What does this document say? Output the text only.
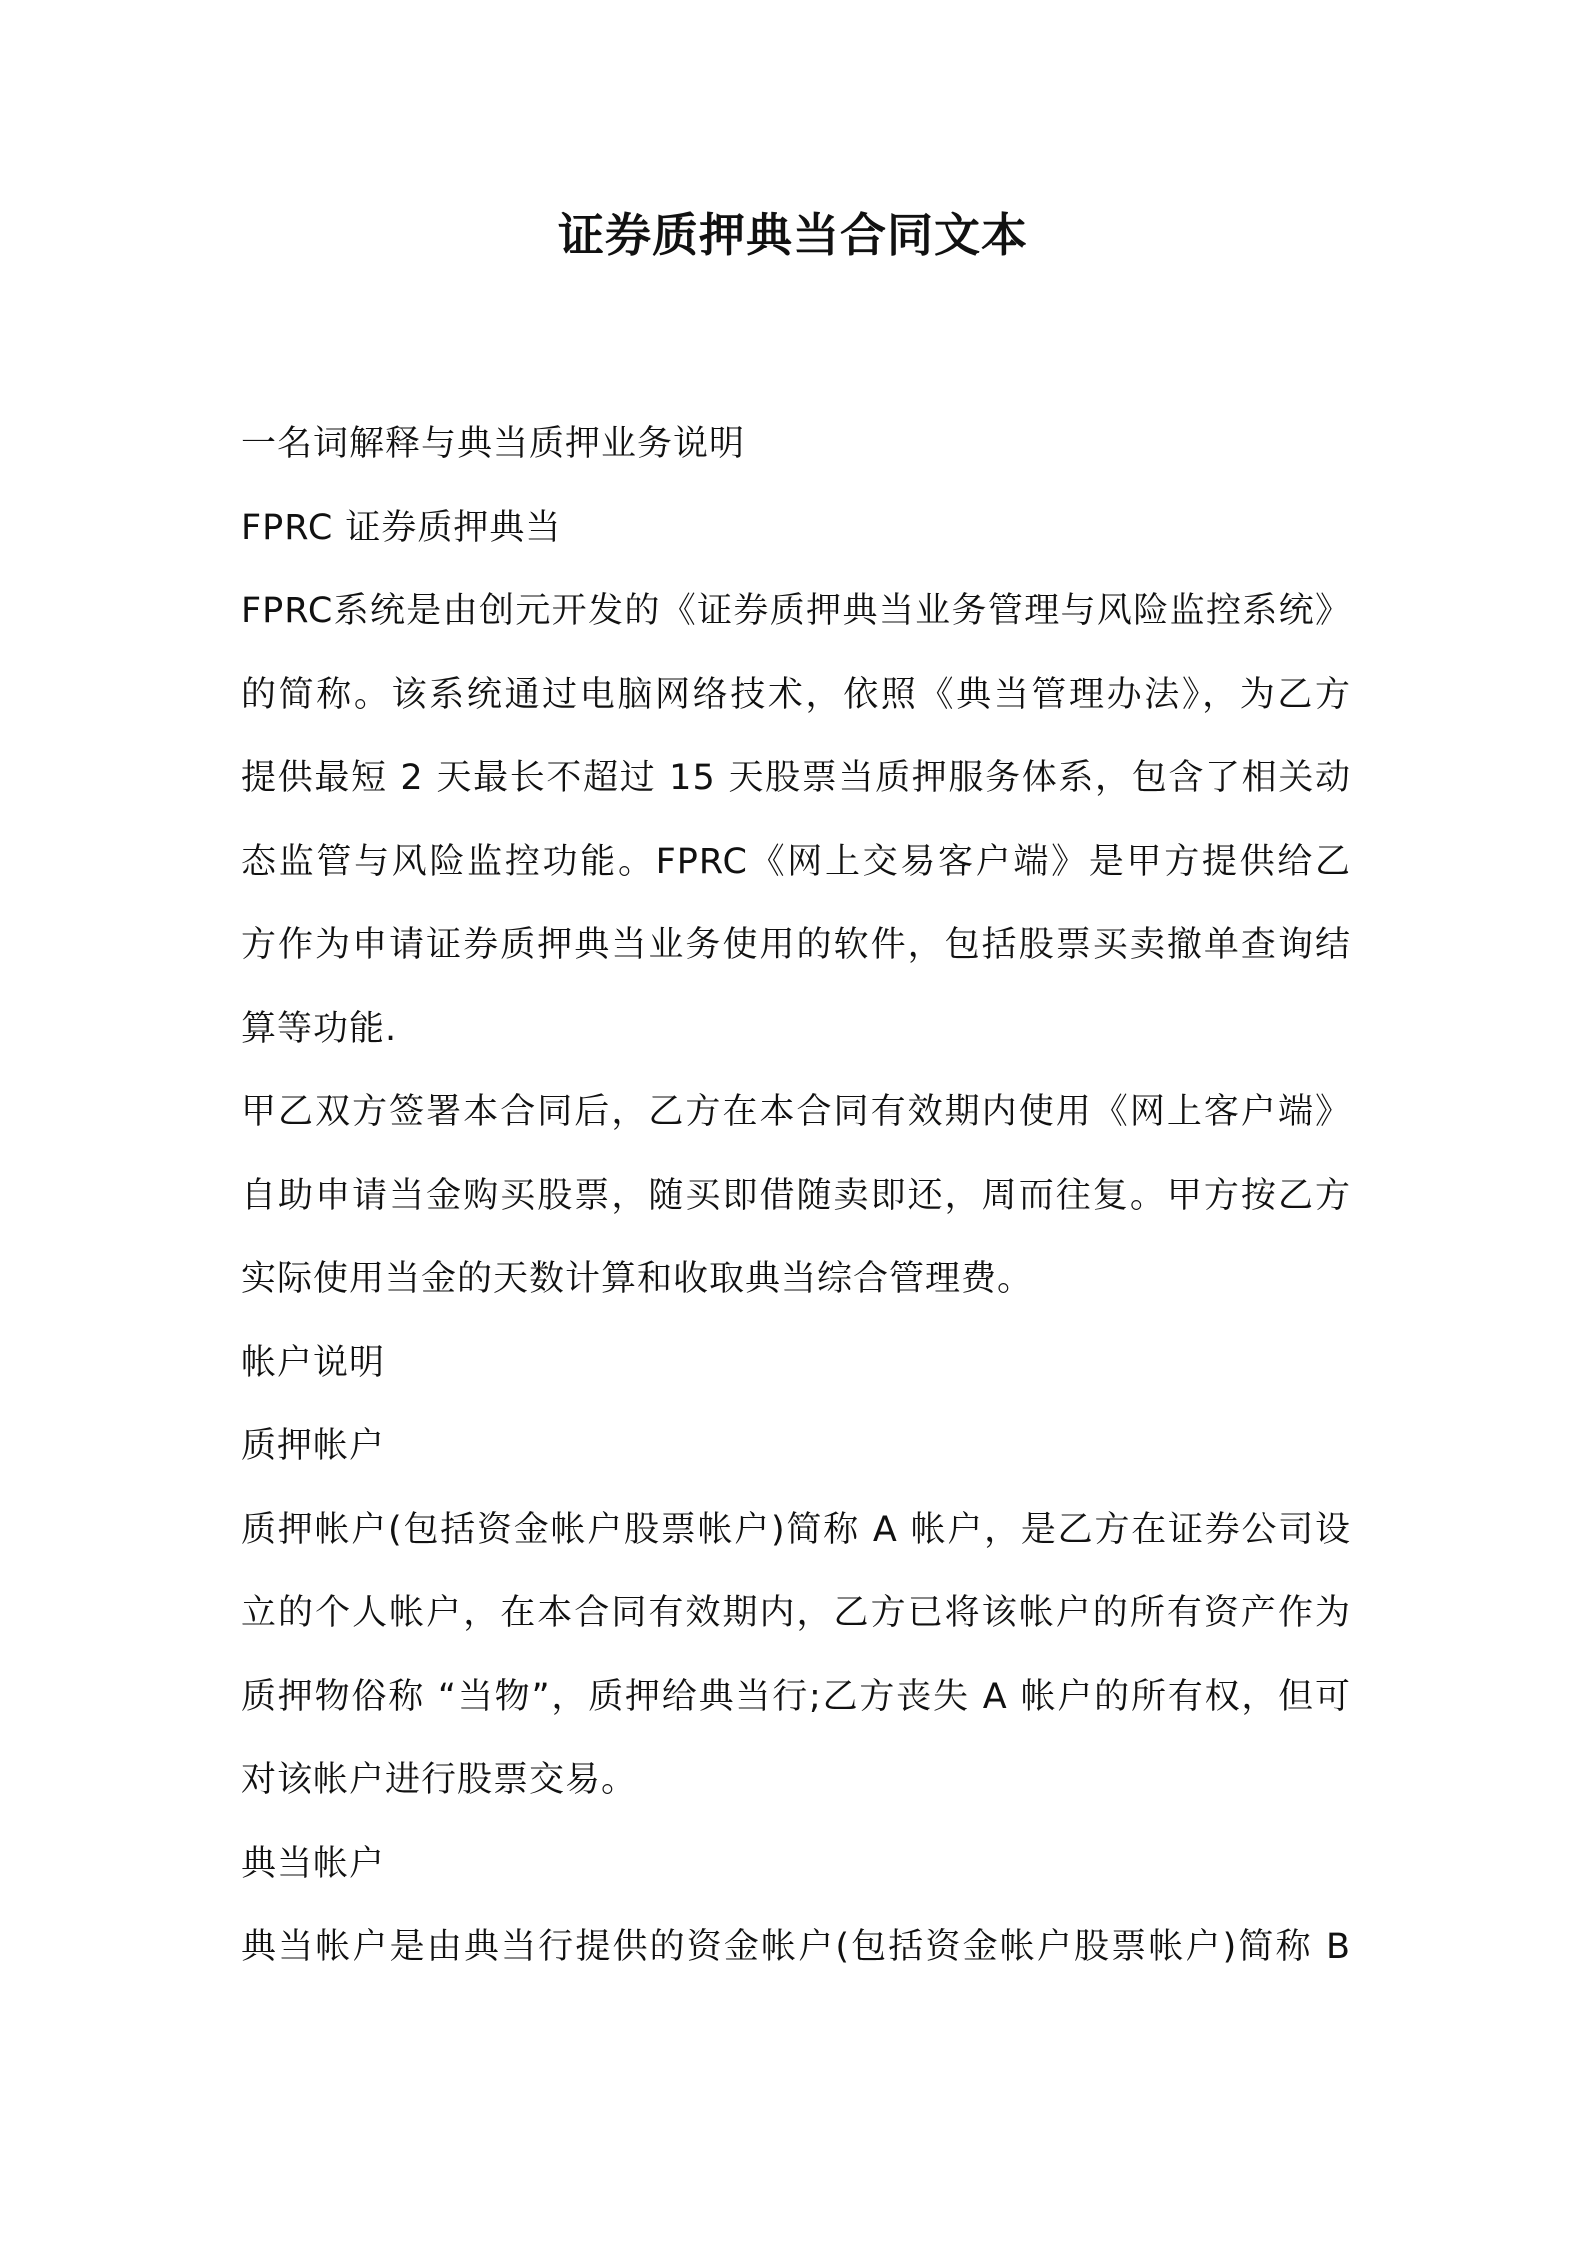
证券质押典当合同文本
一名词解释与典当质押业务说明
FPRC 证券质押典当
FPRC系统是由创元开发的《证券质押典当业务管理与风险监控系统》
的简称。该系统通过电脑网络技术，依照《典当管理办法》，为乙方
提供最短 2 天最长不超过 15 天股票当质押服务体系，包含了相关动
态监管与风险监控功能。FPRC《网上交易客户端》是甲方提供给乙
方作为申请证券质押典当业务使用的软件，包括股票买卖撤单查询结
算等功能.
甲乙双方签署本合同后，乙方在本合同有效期内使用《网上客户端》
自助申请当金购买股票，随买即借随卖即还，周而往复。甲方按乙方
实际使用当金的天数计算和收取典当综合管理费。
帐户说明
质押帐户
质押帐户(包括资金帐户股票帐户)简称 A 帐户，是乙方在证券公司设
立的个人帐户，在本合同有效期内，乙方已将该帐户的所有资产作为
质押物俗称 “当物”，质押给典当行;乙方丧失 A 帐户的所有权，但可
对该帐户进行股票交易。
典当帐户
典当帐户是由典当行提供的资金帐户(包括资金帐户股票帐户)简称 B
